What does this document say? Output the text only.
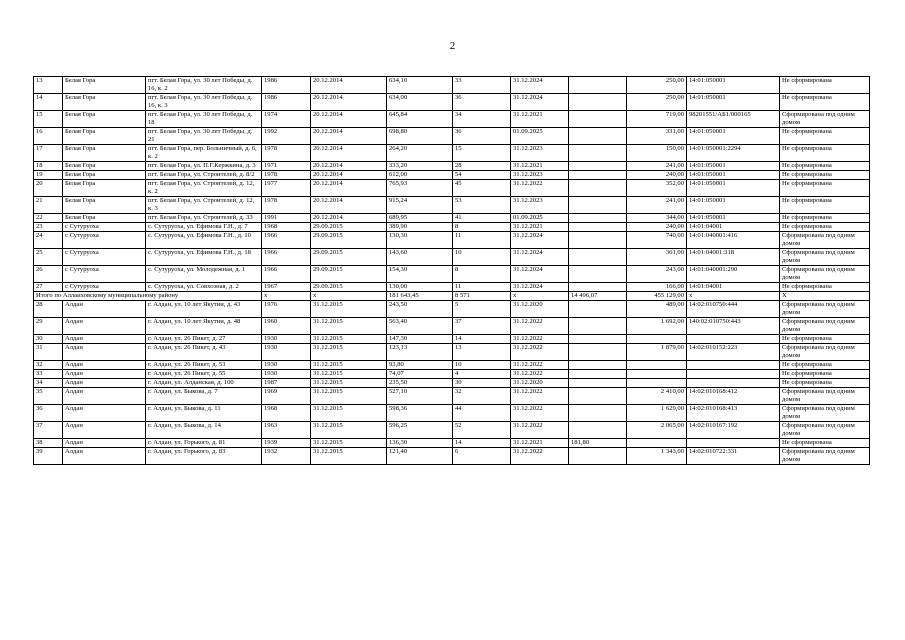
2
13	Белая Гора	пгт. Белая Гора, ул. 30 лет Победы, д. 16, к. 2	1986	20.12.2014	634,10	33	31.12.2024		250,00	14:01:050001	Не сформирована
14	Белая Гора	пгт. Белая Гора, ул. 30 лет Победы, д. 16, к. 3	1986	20.12.2014	634,00	36	31.12.2024		250,00	14:01:050001	Не сформирована
15	Белая Гора	пгт. Белая Гора, ул. 30 лет Победы, д. 18	1974	20.12.2014	645,84	34	31.12.2021		719,00	98201551/АБ1/000165	Сформирована под одним домом
16	Белая Гора	пгт. Белая Гора, ул. 30 лет Победы, д. 21	1992	20.12.2014	698,80	36	01.09.2025		331,00	14:01:050001	Не сформирована
17	Белая Гора	пгт. Белая Гора, пер. Больничный, д. 6, к. 2	1978	20.12.2014	264,20	15	31.12.2023		150,00	14:01:050001:2294	Не сформирована
18	Белая Гора	пгт. Белая Гора, ул. П.Г.Кержкина, д. 3	1971	20.12.2014	333,20	28	31.12.2021		241,00	14:01:050001	Не сформирована
19	Белая Гора	пгт. Белая Гора, ул. Строителей, д. 8/2	1978	20.12.2014	612,00	54	31.12.2023		240,00	14:01:050001	Не сформирована
20	Белая Гора	пгт. Белая Гора, ул. Строителей, д. 12, к. 2	1977	20.12.2014	765,93	45	31.12.2022		352,00	14:01:050001	Не сформирована
21	Белая Гора	пгт. Белая Гора, ул. Строителей, д. 12, к. 3	1978	20.12.2014	915,24	53	31.12.2023		241,00	14:01:050001	Не сформирована
22	Белая Гора	пгт. Белая Гора, ул. Строителей, д. 33	1991	20.12.2014	689,95	41	01.09.2025		344,00	14:01:050001	Не сформирована
23	с Сутуруоха	с. Сутуруоха, ул. Ефимова Г.Н., д. 7	1968	29.09.2015	389,90	8	31.12.2021		240,00	14:01:04001	Не сформирована
24	с Сутуруоха	с. Сутуруоха, ул. Ефимова Г.Н., д. 10	1966	29.09.2015	130,30	11	31.12.2024		740,00	14:01:040001:416	Сформирована под одним домом
25	с Сутуруоха	с. Сутуруоха, ул. Ефимова Г.Н., д. 18	1966	29.09.2015	143,60	10	31.12.2024		361,00	14:01:04001:318	Сформирована под одним домом
26	с Сутуруоха	с. Сутуруоха, ул. Молодежная, д. 1	1966	29.09.2015	154,30	8	31.12.2024		243,00	14:01:040001:290	Сформирована под одним домом
27	с Сутуруоха	с. Сутуруоха, ул. Совхозная, д. 2	1967	29.09.2015	130,00	11	31.12.2024		166,00	14:01:04001	Не сформирована
Итого по Аллаиховскому муниципальному району			x	x	181 643,45	8 571	x	14 496,07	455 129,00	x	X
28	Алдан	г. Алдан, ул. 10 лет Якутии, д. 43	1976	31.12.2015	243,50	5	31.12.2020		489,00	14:02:010750:444	Сформирована под одним домом
29	Алдан	г. Алдан, ул. 10 лет Якутии, д. 48	1960	31.12.2015	563,40	37	31.12.2022		1 692,00	140:02:010750:443	Сформирована под одним домом
30	Алдан	г. Алдан, ул. 26 Пикет, д. 27	1930	31.12.2015	147,30	14	31.12.2022				Не сформирована
31	Алдан	г. Алдан, ул. 26 Пикет, д. 43	1930	31.12.2015	123,13	13	31.12.2022		1 879,00	14:02:010152:223	Сформирована под одним домом
32	Алдан	г. Алдан, ул. 26 Пикет, д. 53	1930	31.12.2015	93,80	10	31.12.2022				Не сформирована
33	Алдан	г. Алдан, ул. 26 Пикет, д. 55	1930	31.12.2015	74,07	4	31.12.2022				Не сформирована
34	Алдан	г. Алдан, ул. Алданская, д. 100	1987	31.12.2015	235,50	30	31.12.2020				Не сформирована
35	Алдан	г. Алдан, ул. Быкова, д. 7	1969	31.12.2015	527,10	32	31.12.2022		2 410,00	14:02:010168:412	Сформирована под одним домом
36	Алдан	г. Алдан, ул. Быкова, д. 11	1968	31.12.2015	598,36	44	31.12.2022		1 629,00	14:02:010168:413	Сформирована под одним домом
37	Алдан	г. Алдан, ул. Быкова, д. 14	1963	31.12.2015	596,25	52	31.12.2022		2 065,00	14:02:010167:192	Сформирована под одним домом
38	Алдан	г. Алдан, ул. Горького, д. 81	1939	31.12.2015	136,30	14	31.12.2021	181,80			Не сформирована
39	Алдан	г. Алдан, ул. Горького, д. 83	1932	31.12.2015	121,40	6	31.12.2022		1 343,00	14:02:010722:331	Сформирована под одним домом
